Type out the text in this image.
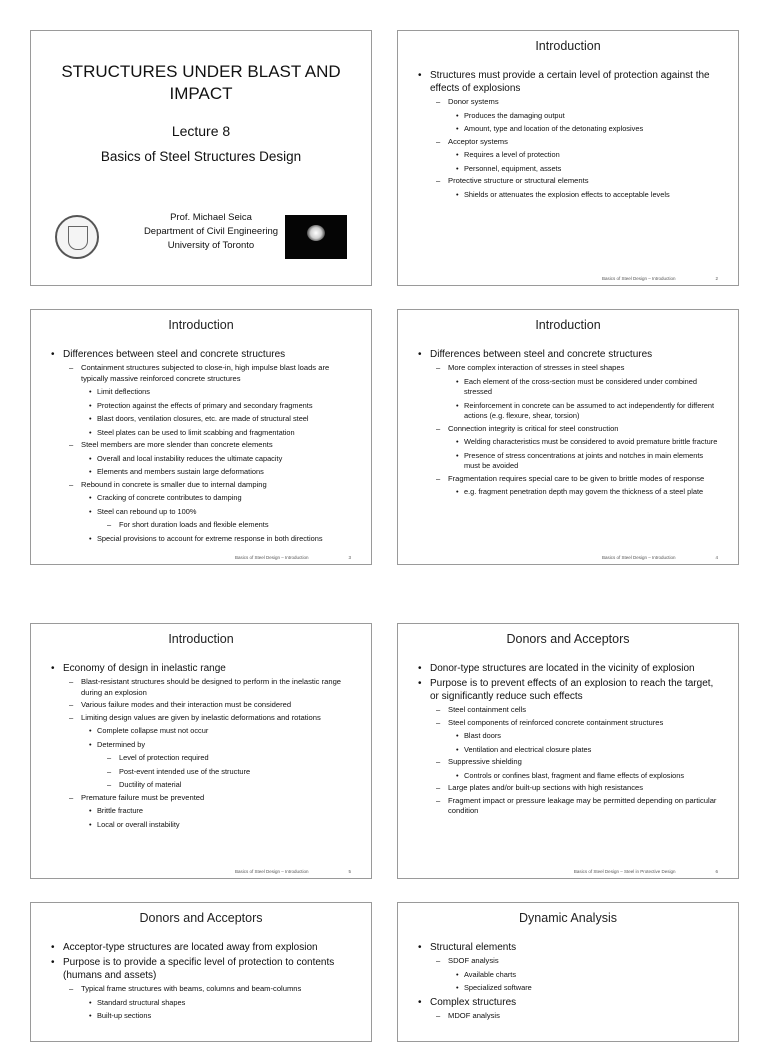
STRUCTURES UNDER BLAST AND
IMPACT
Lecture 8
Basics of Steel Structures Design
Prof. Michael Seica
Department of Civil Engineering
University of Toronto
Introduction
• Structures must provide a certain level of protection against the effects of explosions
– Donor systems
• Produces the damaging output
• Amount, type and location of the detonating explosives
– Acceptor systems
• Requires a level of protection
• Personnel, equipment, assets
– Protective structure or structural elements
• Shields or attenuates the explosion effects to acceptable levels
Basics of Steel Design – Introduction	2
Introduction
• Differences between steel and concrete structures
– Containment structures subjected to close-in, high impulse blast loads are typically massive reinforced concrete structures
• Limit deflections
• Protection against the effects of primary and secondary fragments
• Blast doors, ventilation closures, etc. are made of structural steel
• Steel plates can be used to limit scabbing and fragmentation
– Steel members are more slender than concrete elements
• Overall and local instability reduces the ultimate capacity
• Elements and members sustain large deformations
– Rebound in concrete is smaller due to internal damping
• Cracking of concrete contributes to damping
• Steel can rebound up to 100%
– For short duration loads and flexible elements
• Special provisions to account for extreme response in both directions
Basics of Steel Design – Introduction	3
Introduction
• Differences between steel and concrete structures
– More complex interaction of stresses in steel shapes
• Each element of the cross-section must be considered under combined stressed
• Reinforcement in concrete can be assumed to act independently for different actions (e.g. flexure, shear, torsion)
– Connection integrity is critical for steel construction
• Welding characteristics must be considered to avoid premature brittle fracture
• Presence of stress concentrations at joints and notches in main elements must be avoided
– Fragmentation requires special care to be given to brittle modes of response
• e.g. fragment penetration depth may govern the thickness of a steel plate
Basics of Steel Design – Introduction	4
Introduction
• Economy of design in inelastic range
– Blast-resistant structures should be designed to perform in the inelastic range during an explosion
– Various failure modes and their interaction must be considered
– Limiting design values are given by inelastic deformations and rotations
• Complete collapse must not occur
• Determined by
– Level of protection required
– Post-event intended use of the structure
– Ductility of material
– Premature failure must be prevented
• Brittle fracture
• Local or overall instability
Basics of Steel Design – Introduction	5
Donors and Acceptors
• Donor-type structures are located in the vicinity of explosion
• Purpose is to prevent effects of an explosion to reach the target, or significantly reduce such effects
– Steel containment cells
– Steel components of reinforced concrete containment structures
• Blast doors
• Ventilation and electrical closure plates
– Suppressive shielding
• Controls or confines blast, fragment and flame effects of explosions
– Large plates and/or built-up sections with high resistances
– Fragment impact or pressure leakage may be permitted depending on particular condition
Basics of Steel Design – Steel in Protective Design	6
Donors and Acceptors
• Acceptor-type structures are located away from explosion
• Purpose is to provide a specific level of protection to contents (humans and assets)
– Typical frame structures with beams, columns and beam-columns
• Standard structural shapes
• Built-up sections
Dynamic Analysis
• Structural elements
– SDOF analysis
• Available charts
• Specialized software
• Complex structures
– MDOF analysis
